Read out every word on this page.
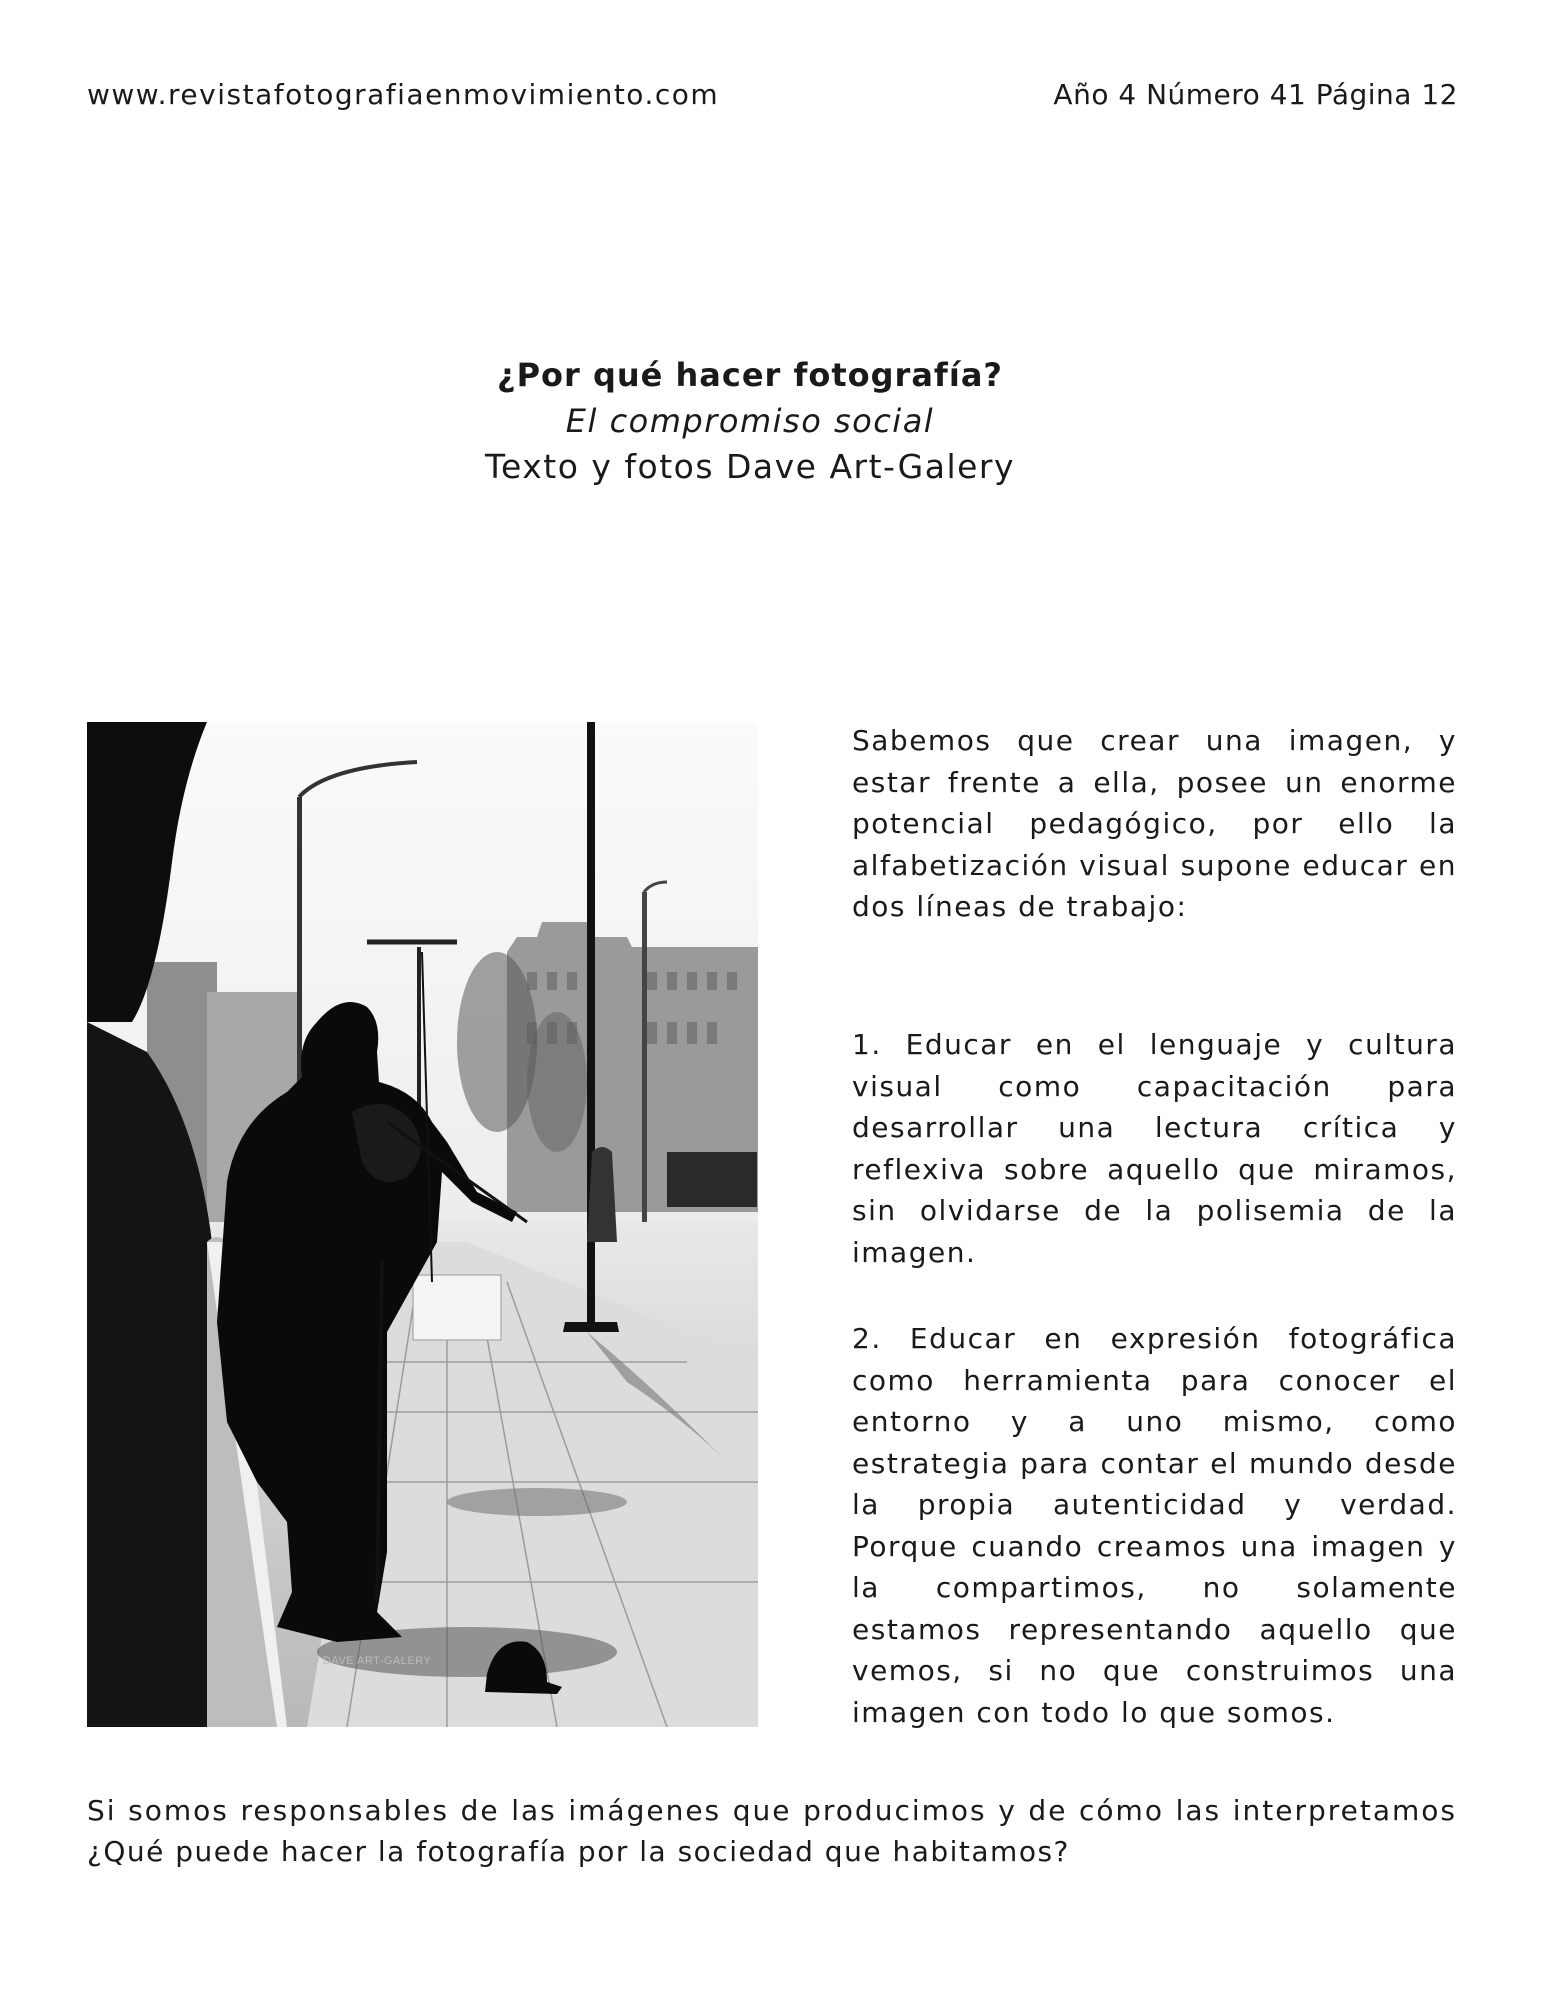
www.revistafotografiaenmovimiento.com	Año 4 Número 41 Página 12

¿Por qué hacer fotografía?

El compromiso social

Texto y fotos Dave Art-Galery

FOTO DAVE ART-GALERY

Sabemos que crear una imagen, y estar frente a ella, posee un enorme potencial pedagógico, por ello la alfabetización visual supone educar en dos líneas de trabajo:

1. Educar en el lenguaje y cultura visual como capacitación para desarrollar una lectura crítica y reflexiva sobre aquello que miramos, sin olvidarse de la polisemia de la imagen.

2. Educar en expresión fotográfica como herramienta para conocer el entorno y a uno mismo, como estrategia para contar el mundo desde la propia autenticidad y verdad. Porque cuando creamos una imagen y la compartimos, no solamente estamos representando aquello que vemos, si no que construimos una imagen con todo lo que somos.

Si somos responsables de las imágenes que producimos y de cómo las interpretamos

¿Qué puede hacer la fotografía por la sociedad que habitamos?
